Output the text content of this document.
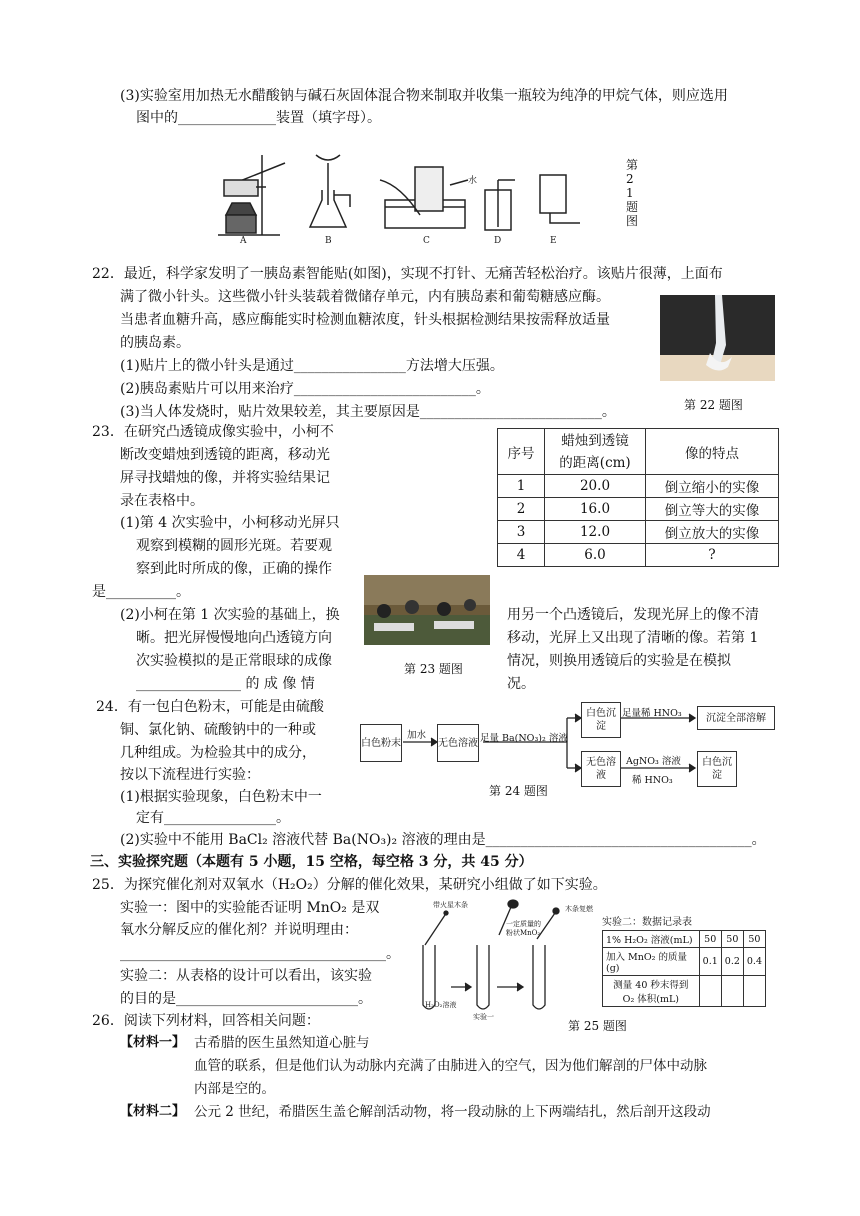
(3)实验室用加热无水醋酸钠与碱石灰固体混合物来制取并收集一瓶较为纯净的甲烷气体，则应选用
图中的______________装置（填字母）。
A	B
水
C	D	E
第21题图
22．最近，科学家发明了一胰岛素智能贴(如图)，实现不打针、无痛苦轻松治疗。该贴片很薄，上面布
满了微小针头。这些微小针头装载着微储存单元，内有胰岛素和葡萄糖感应酶。
当患者血糖升高，感应酶能实时检测血糖浓度，针头根据检测结果按需释放适量
的胰岛素。
(1)贴片上的微小针头是通过________________方法增大压强。
(2)胰岛素贴片可以用来治疗__________________________。
(3)当人体发烧时，贴片效果较差，其主要原因是__________________________。	第 22 题图
23．在研究凸透镜成像实验中，小柯不
断改变蜡烛到透镜的距离，移动光
屏寻找蜡烛的像，并将实验结果记
录在表格中。
(1)第 4 次实验中，小柯移动光屏只
观察到模糊的圆形光斑。若要观
察到此时所成的像，正确的操作
是__________。
序号	蜡烛到透镜
的距离(cm)	像的特点
1	20.0	倒立缩小的实像
2	16.0	倒立等大的实像
3	12.0	倒立放大的实像
4	6.0	?
第 23 题图
(2)小柯在第 1 次实验的基础上，换	用另一个凸透镜后，发现光屏上的像不清
晰。把光屏慢慢地向凸透镜方向	移动，光屏上又出现了清晰的像。若第 1
次实验模拟的是正常眼球的成像	情况，则换用透镜后的实验是在模拟
_______________ 的 成 像 情	况。
24．有一包白色粉末，可能是由硫酸
铜、氯化钠、硫酸钠中的一种或
几种组成。为检验其中的成分，
按以下流程进行实验：
(1)根据实验现象，白色粉末中一
定有________________。
白色粉末
加水
无色溶液 足量 Ba(NO₃)₂ 溶液
白色沉淀
足量稀 HNO₃	沉淀全部溶解
无色溶液
AgNO₃ 溶液
稀 HNO₃
白色沉淀
第 24 题图
(2)实验中不能用 BaCl₂ 溶液代替 Ba(NO₃)₂ 溶液的理由是______________________________________。
三、实验探究题（本题有 5 小题，15 空格，每空格 3 分，共 45 分）
25．为探究催化剂对双氧水（H₂O₂）分解的催化效果，某研究小组做了如下实验。
实验一：图中的实验能否证明 MnO₂ 是双
氧水分解反应的催化剂？并说明理由：
______________________________________。
实验二：从表格的设计可以看出，该实验
的目的是__________________________。
带火星木条	木条复燃
H₂O₂溶液
实验一
一定质量的粉状MnO₂
实验二：数据记录表
1% H₂O₂ 溶液(mL)	50	50	50
加入 MnO₂ 的质量(g)	0.1	0.2	0.4
测量 40 秒末得到 O₂ 体积(mL)			
第 25 题图
26．阅读下列材料，回答相关问题：
【材料一】 古希腊的医生虽然知道心脏与
血管的联系，但是他们认为动脉内充满了由肺进入的空气，因为他们解剖的尸体中动脉
内部是空的。
【材料二】 公元 2 世纪，希腊医生盖仑解剖活动物，将一段动脉的上下两端结扎，然后剖开这段动
